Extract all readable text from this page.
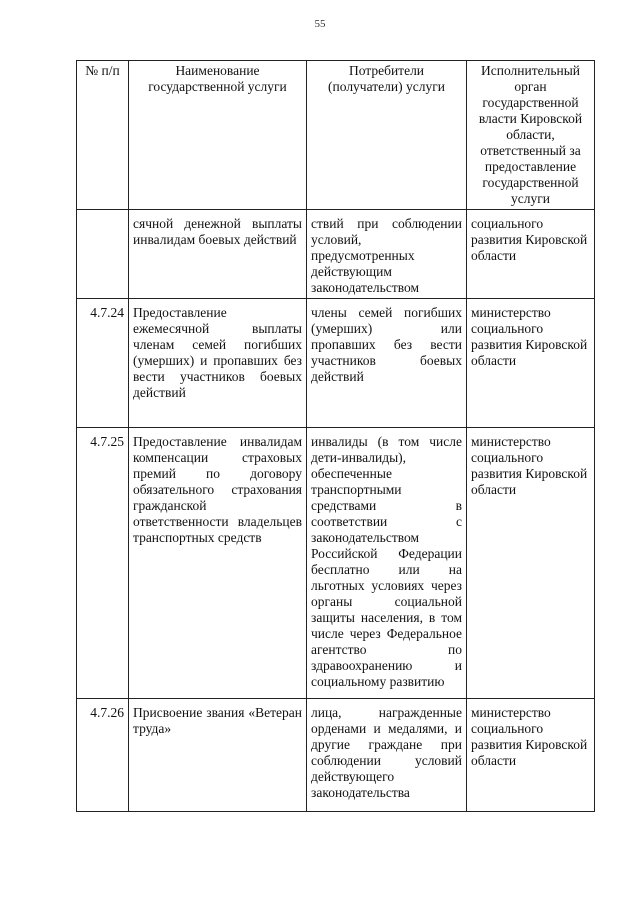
55
№ п/п	Наименование государственной услуги	Потребители (получатели) услуги	Исполнительный орган государственной власти Кировской области, ответственный за предоставление государственной услуги
	сячной денежной выплаты инвалидам боевых действий	ствий при соблюдении условий, предусмотренных действующим законодательством	социального развития Кировской области
4.7.24	Предоставление ежемесячной выплаты членам семей погибших (умерших) и пропавших без вести участников боевых действий	члены семей погибших (умерших) или пропавших без вести участников боевых действий	министерство социального развития Кировской области
4.7.25	Предоставление инвалидам компенсации страховых премий по договору обязательного страхования гражданской ответственности владельцев транспортных средств	инвалиды (в том числе дети-инвалиды), обеспеченные транспортными средствами в соответствии с законодательством Российской Федерации бесплатно или на льготных условиях через органы социальной защиты населения, в том числе через Федеральное агентство по здравоохранению и социальному развитию	министерство социального развития Кировской области
4.7.26	Присвоение звания «Ветеран труда»	лица, награжденные орденами и медалями, и другие граждане при соблюдении условий действующего законодательства	министерство социального развития Кировской области
